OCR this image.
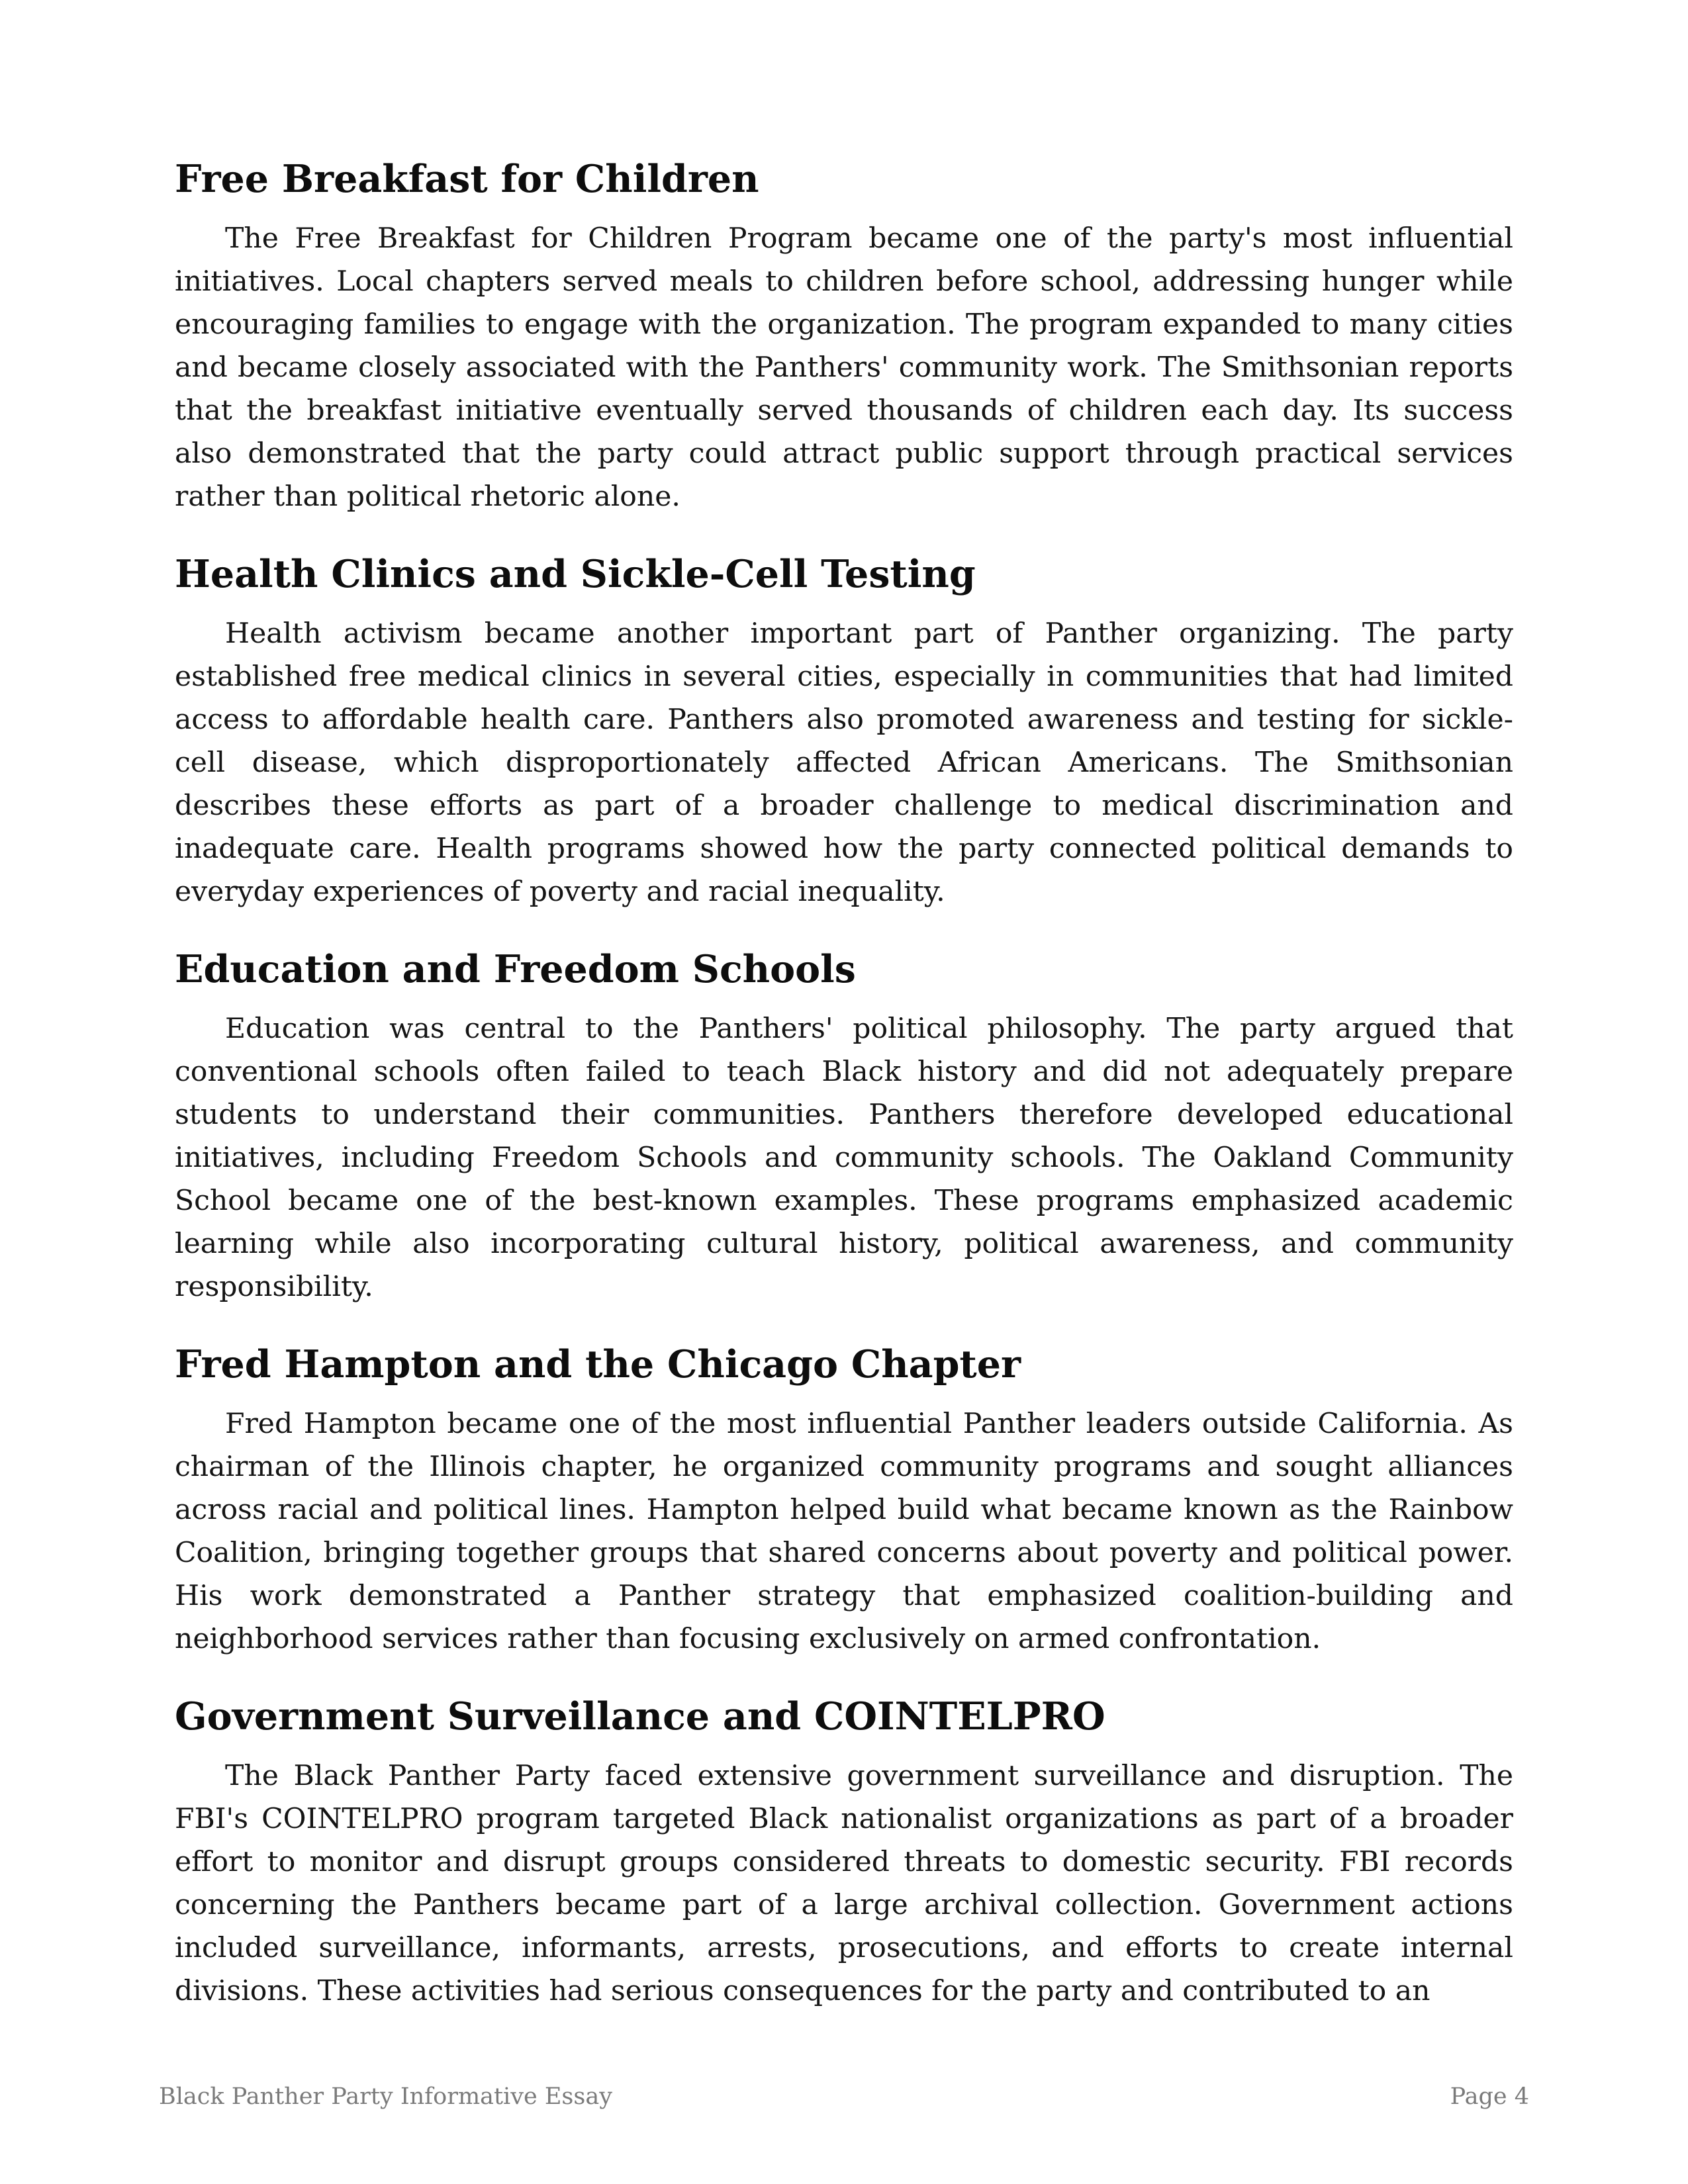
Free Breakfast for Children

The Free Breakfast for Children Program became one of the party's most influential initiatives. Local chapters served meals to children before school, addressing hunger while encouraging families to engage with the organization. The program expanded to many cities and became closely associated with the Panthers' community work. The Smithsonian reports that the breakfast initiative eventually served thousands of children each day. Its success also demonstrated that the party could attract public support through practical services rather than political rhetoric alone.

Health Clinics and Sickle-Cell Testing

Health activism became another important part of Panther organizing. The party established free medical clinics in several cities, especially in communities that had limited access to affordable health care. Panthers also promoted awareness and testing for sickle-cell disease, which disproportionately affected African Americans. The Smithsonian describes these efforts as part of a broader challenge to medical discrimination and inadequate care. Health programs showed how the party connected political demands to everyday experiences of poverty and racial inequality.

Education and Freedom Schools

Education was central to the Panthers' political philosophy. The party argued that conventional schools often failed to teach Black history and did not adequately prepare students to understand their communities. Panthers therefore developed educational initiatives, including Freedom Schools and community schools. The Oakland Community School became one of the best-known examples. These programs emphasized academic learning while also incorporating cultural history, political awareness, and community responsibility.

Fred Hampton and the Chicago Chapter

Fred Hampton became one of the most influential Panther leaders outside California. As chairman of the Illinois chapter, he organized community programs and sought alliances across racial and political lines. Hampton helped build what became known as the Rainbow Coalition, bringing together groups that shared concerns about poverty and political power. His work demonstrated a Panther strategy that emphasized coalition-building and neighborhood services rather than focusing exclusively on armed confrontation.

Government Surveillance and COINTELPRO

The Black Panther Party faced extensive government surveillance and disruption. The FBI's COINTELPRO program targeted Black nationalist organizations as part of a broader effort to monitor and disrupt groups considered threats to domestic security. FBI records concerning the Panthers became part of a large archival collection. Government actions included surveillance, informants, arrests, prosecutions, and efforts to create internal divisions. These activities had serious consequences for the party and contributed to an

Black Panther Party Informative Essay	Page 4
